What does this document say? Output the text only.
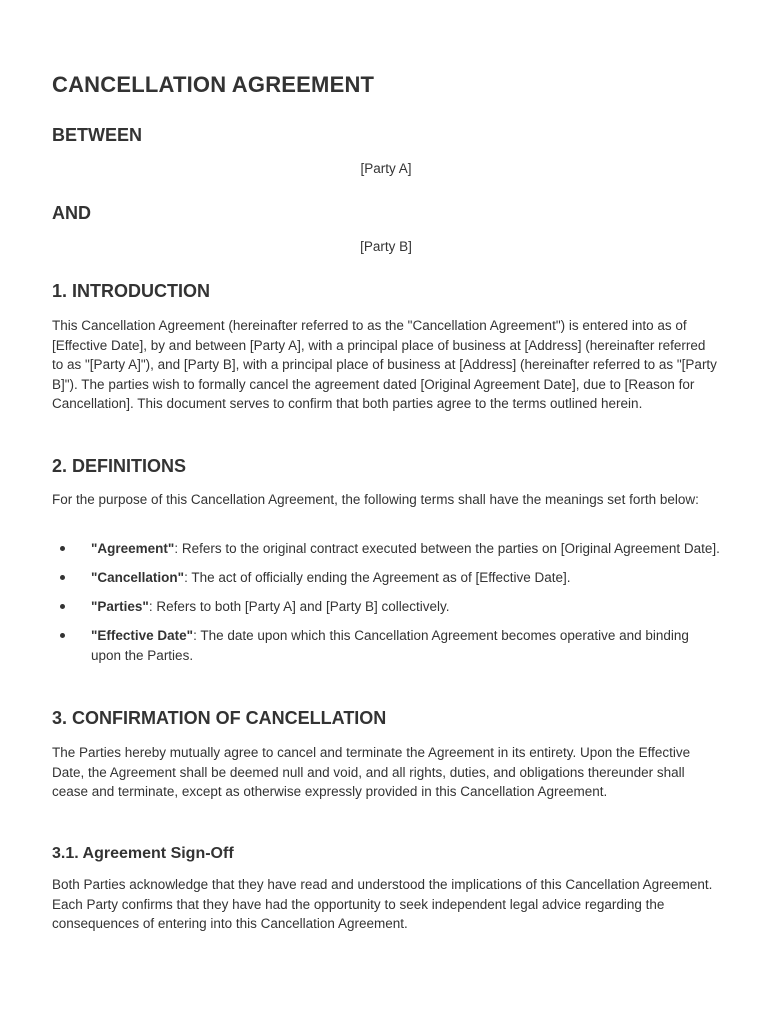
CANCELLATION AGREEMENT
BETWEEN

[Party A]

AND

[Party B]

1. INTRODUCTION

This Cancellation Agreement (hereinafter referred to as the "Cancellation Agreement") is entered into as of [Effective Date], by and between [Party A], with a principal place of business at [Address] (hereinafter referred to as "[Party A]"), and [Party B], with a principal place of business at [Address] (hereinafter referred to as "[Party B]"). The parties wish to formally cancel the agreement dated [Original Agreement Date], due to [Reason for Cancellation]. This document serves to confirm that both parties agree to the terms outlined herein.

2. DEFINITIONS

For the purpose of this Cancellation Agreement, the following terms shall have the meanings set forth below:

"Agreement": Refers to the original contract executed between the parties on [Original Agreement Date].
"Cancellation": The act of officially ending the Agreement as of [Effective Date].
"Parties": Refers to both [Party A] and [Party B] collectively.
"Effective Date": The date upon which this Cancellation Agreement becomes operative and binding upon the Parties.
3. CONFIRMATION OF CANCELLATION

The Parties hereby mutually agree to cancel and terminate the Agreement in its entirety. Upon the Effective Date, the Agreement shall be deemed null and void, and all rights, duties, and obligations thereunder shall cease and terminate, except as otherwise expressly provided in this Cancellation Agreement.

3.1. Agreement Sign-Off

Both Parties acknowledge that they have read and understood the implications of this Cancellation Agreement. Each Party confirms that they have had the opportunity to seek independent legal advice regarding the consequences of entering into this Cancellation Agreement.
